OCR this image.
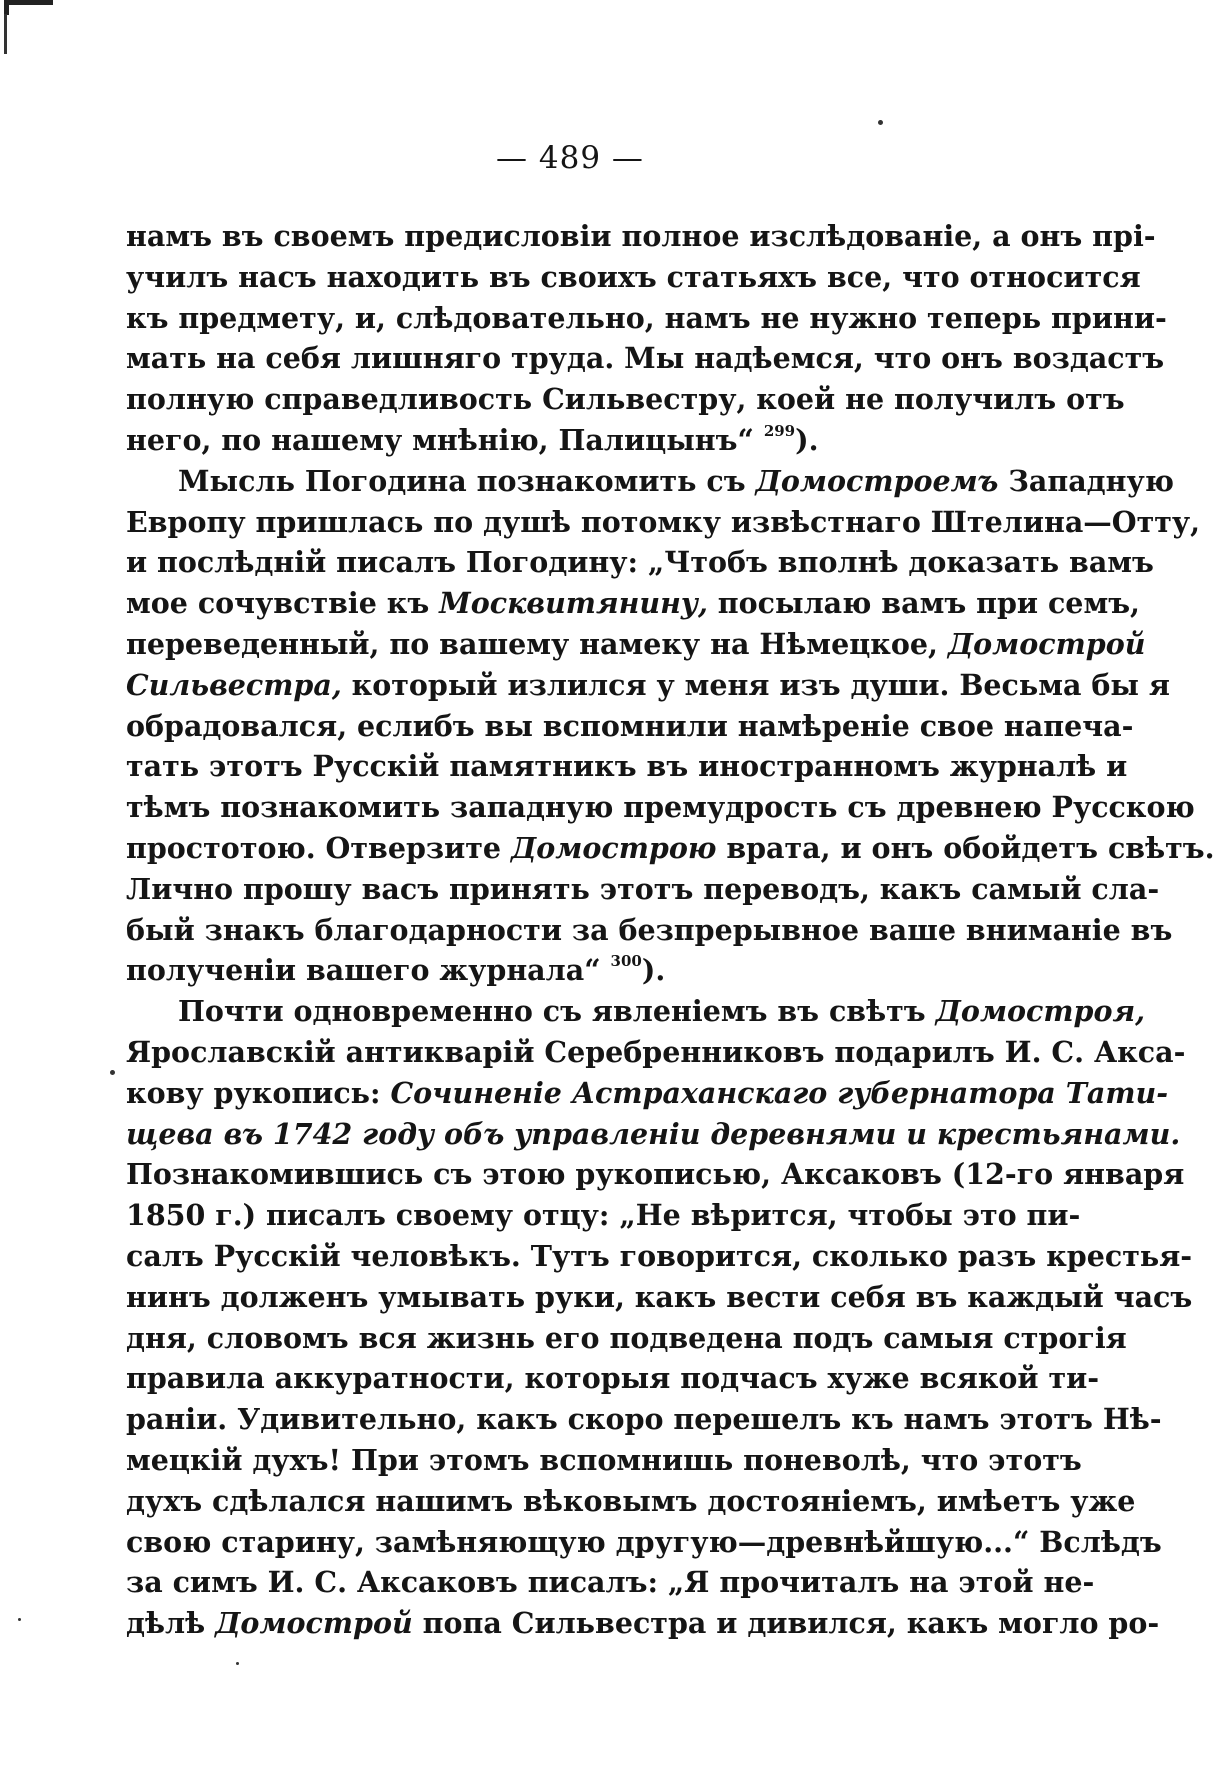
— 489 —
намъ въ своемъ предисловіи полное изслѣдованіе, а онъ прі-
училъ насъ находить въ своихъ статьяхъ все, что относится
къ предмету, и, слѣдовательно, намъ не нужно теперь прини-
мать на себя лишняго труда. Мы надѣемся, что онъ воздастъ
полную справедливость Сильвестру, коей не получилъ отъ
него, по нашему мнѣнію, Палицынъ“ $^{299}$).
Мысль Погодина познакомить съ Домостроемъ Западную
Европу пришлась по душѣ потомку извѣстнаго Штелина—Отту,
и послѣдній писалъ Погодину: „Чтобъ вполнѣ доказать вамъ
мое сочувствіе къ Москвитянину, посылаю вамъ при семъ,
переведенный, по вашему намеку на Нѣмецкое, Домострой
Сильвестра, который излился у меня изъ души. Весьма бы я
обрадовался, еслибъ вы вспомнили намѣреніе свое напеча-
тать этотъ Русскій памятникъ въ иностранномъ журналѣ и
тѣмъ познакомить западную премудрость съ древнею Русскою
простотою. Отверзите Домострою врата, и онъ обойдетъ свѣтъ.
Лично прошу васъ принять этотъ переводъ, какъ самый сла-
бый знакъ благодарности за безпрерывное ваше вниманіе въ
полученіи вашего журнала“ $^{300}$).
Почти одновременно съ явленіемъ въ свѣтъ Домостроя,
Ярославскій антикварій Серебренниковъ подарилъ И. С. Акса-
кову рукопись: Сочиненіе Астраханскаго губернатора Тати-
щева въ 1742 году объ управленіи деревнями и крестьянами.
Познакомившись съ этою рукописью, Аксаковъ (12-го января
1850 г.) писалъ своему отцу: „Не вѣрится, чтобы это пи-
салъ Русскій человѣкъ. Тутъ говорится, сколько разъ крестья-
нинъ долженъ умывать руки, какъ вести себя въ каждый часъ
дня, словомъ вся жизнь его подведена подъ самыя строгія
правила аккуратности, которыя подчасъ хуже всякой ти-
раніи. Удивительно, какъ скоро перешелъ къ намъ этотъ Нѣ-
мецкій духъ! При этомъ вспомнишь поневолѣ, что этотъ
духъ сдѣлался нашимъ вѣковымъ достояніемъ, имѣетъ уже
свою старину, замѣняющую другую—древнѣйшую...“ Вслѣдъ
за симъ И. С. Аксаковъ писалъ: „Я прочиталъ на этой не-
дѣлѣ Домострой попа Сильвестра и дивился, какъ могло ро-
